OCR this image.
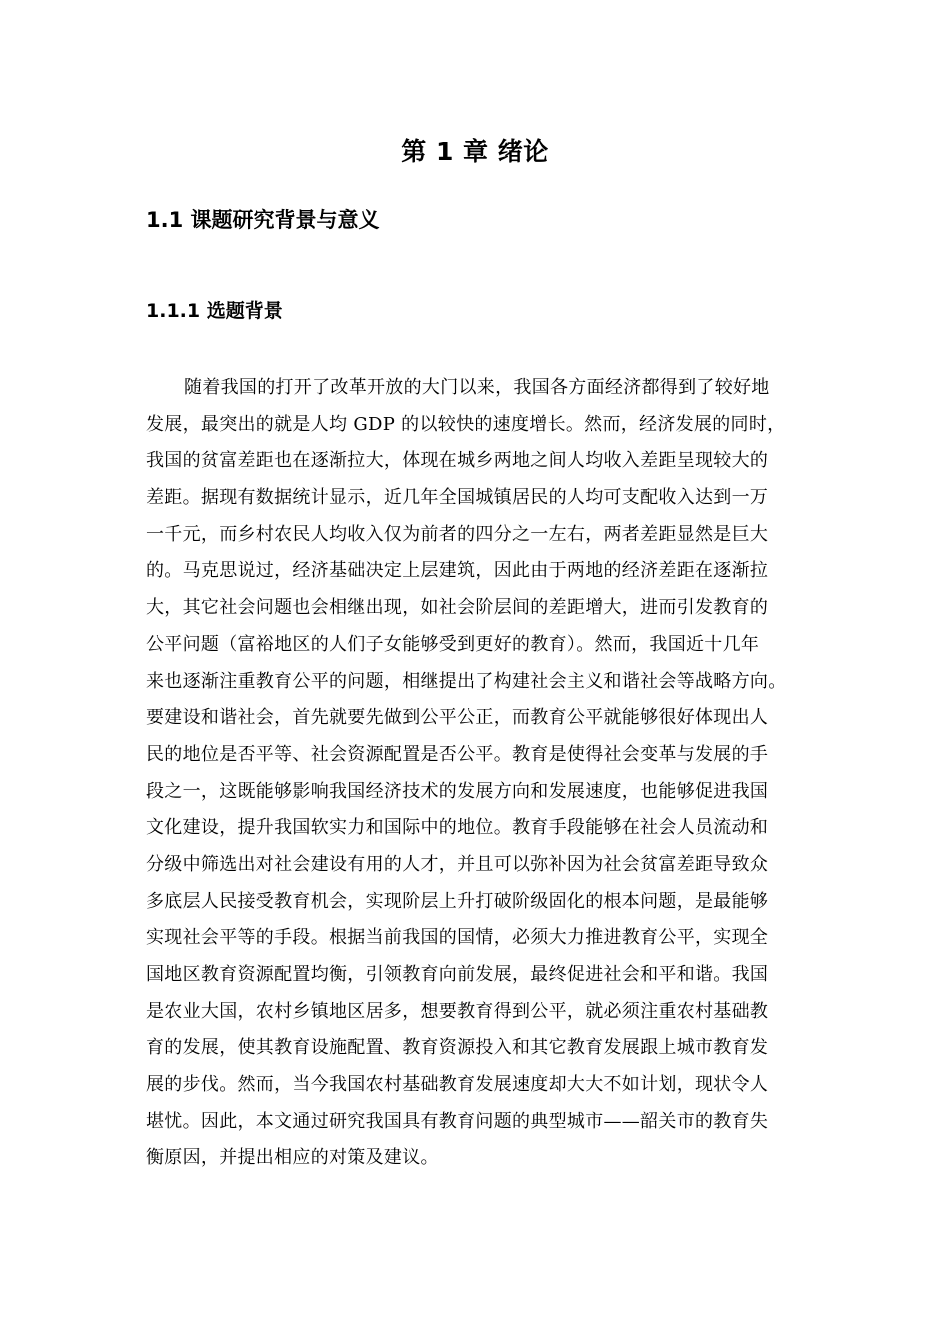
第 1 章 绪论
1.1 课题研究背景与意义
1.1.1 选题背景
随着我国的打开了改革开放的大门以来，我国各方面经济都得到了较好地
发展，最突出的就是人均 GDP 的以较快的速度增长。然而，经济发展的同时，
我国的贫富差距也在逐渐拉大，体现在城乡两地之间人均收入差距呈现较大的
差距。据现有数据统计显示，近几年全国城镇居民的人均可支配收入达到一万
一千元，而乡村农民人均收入仅为前者的四分之一左右，两者差距显然是巨大
的。马克思说过，经济基础决定上层建筑，因此由于两地的经济差距在逐渐拉
大，其它社会问题也会相继出现，如社会阶层间的差距增大，进而引发教育的
公平问题（富裕地区的人们子女能够受到更好的教育）。然而，我国近十几年
来也逐渐注重教育公平的问题，相继提出了构建社会主义和谐社会等战略方向。
要建设和谐社会，首先就要先做到公平公正，而教育公平就能够很好体现出人
民的地位是否平等、社会资源配置是否公平。教育是使得社会变革与发展的手
段之一，这既能够影响我国经济技术的发展方向和发展速度，也能够促进我国
文化建设，提升我国软实力和国际中的地位。教育手段能够在社会人员流动和
分级中筛选出对社会建设有用的人才，并且可以弥补因为社会贫富差距导致众
多底层人民接受教育机会，实现阶层上升打破阶级固化的根本问题，是最能够
实现社会平等的手段。根据当前我国的国情，必须大力推进教育公平，实现全
国地区教育资源配置均衡，引领教育向前发展，最终促进社会和平和谐。我国
是农业大国，农村乡镇地区居多，想要教育得到公平，就必须注重农村基础教
育的发展，使其教育设施配置、教育资源投入和其它教育发展跟上城市教育发
展的步伐。然而，当今我国农村基础教育发展速度却大大不如计划，现状令人
堪忧。因此，本文通过研究我国具有教育问题的典型城市——韶关市的教育失
衡原因，并提出相应的对策及建议。
